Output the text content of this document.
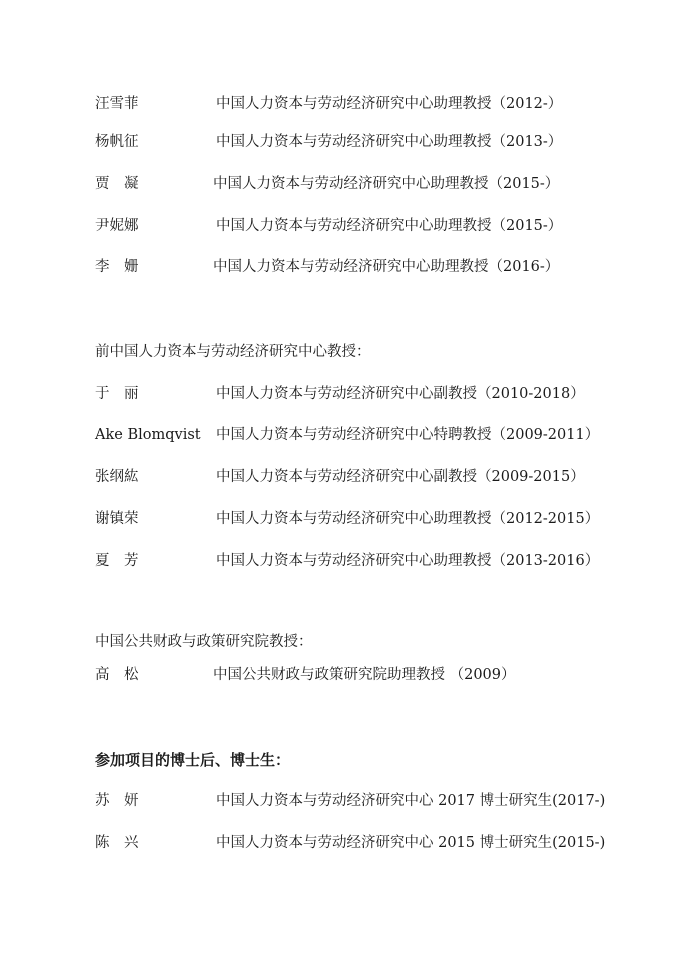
汪雪菲	中国人力资本与劳动经济研究中心助理教授（2012-）
杨帆征	中国人力资本与劳动经济研究中心助理教授（2013-）
贾　凝	中国人力资本与劳动经济研究中心助理教授（2015-）
尹妮娜	中国人力资本与劳动经济研究中心助理教授（2015-）
李　姗	中国人力资本与劳动经济研究中心助理教授（2016-）
前中国人力资本与劳动经济研究中心教授：
于　丽	中国人力资本与劳动经济研究中心副教授（2010-2018）
Ake Blomqvist 中国人力资本与劳动经济研究中心特聘教授（2009-2011）
张纲紘	中国人力资本与劳动经济研究中心副教授（2009-2015）
谢镇荣	中国人力资本与劳动经济研究中心助理教授（2012-2015）
夏　芳	中国人力资本与劳动经济研究中心助理教授（2013-2016）
中国公共财政与政策研究院教授：
高　松	中国公共财政与政策研究院助理教授 （2009）
参加项目的博士后、博士生：
苏　妍	中国人力资本与劳动经济研究中心 2017 博士研究生(2017-)
陈　兴	中国人力资本与劳动经济研究中心 2015 博士研究生(2015-)
